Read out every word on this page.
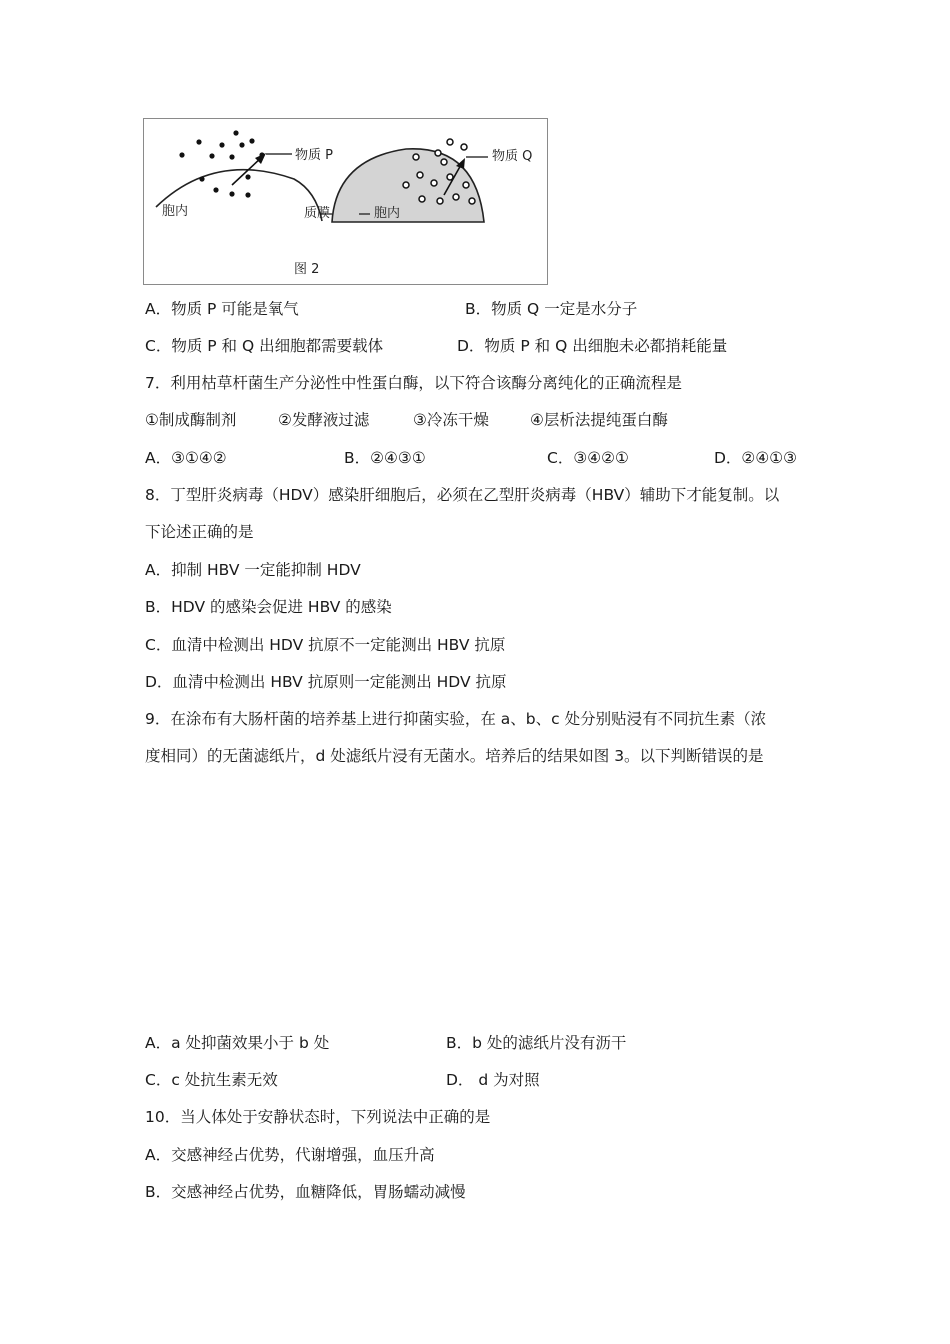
物质 P	物质 Q
胞内	质膜	胞内
图 2
A．物质 P 可能是氧气	B．物质 Q 一定是水分子
C．物质 P 和 Q 出细胞都需要载体	D．物质 P 和 Q 出细胞未必都捎耗能量
7．利用枯草杆菌生产分泌性中性蛋白酶，以下符合该酶分离纯化的正确流程是
①制成酶制剂	②发酵液过滤	③冷冻干燥	④层析法提纯蛋白酶
A．③①④②	B．②④③①	C．③④②①	D．②④①③
8．丁型肝炎病毒（HDV）感染肝细胞后，必须在乙型肝炎病毒（HBV）辅助下才能复制。以
下论述正确的是
A．抑制 HBV 一定能抑制 HDV
B．HDV 的感染会促进 HBV 的感染
C．血清中检测出 HDV 抗原不一定能测出 HBV 抗原
D．血清中检测出 HBV 抗原则一定能测出 HDV 抗原
9．在涂布有大肠杆菌的培养基上进行抑菌实验，在 a、b、c 处分别贴浸有不同抗生素（浓
度相同）的无菌滤纸片，d 处滤纸片浸有无菌水。培养后的结果如图 3。以下判断错误的是
A．a 处抑菌效果小于 b 处	B．b 处的滤纸片没有沥干
C．c 处抗生素无效	D． d 为对照
10．当人体处于安静状态时，下列说法中正确的是
A．交感神经占优势，代谢增强，血压升高
B．交感神经占优势，血糖降低，胃肠蠕动减慢
